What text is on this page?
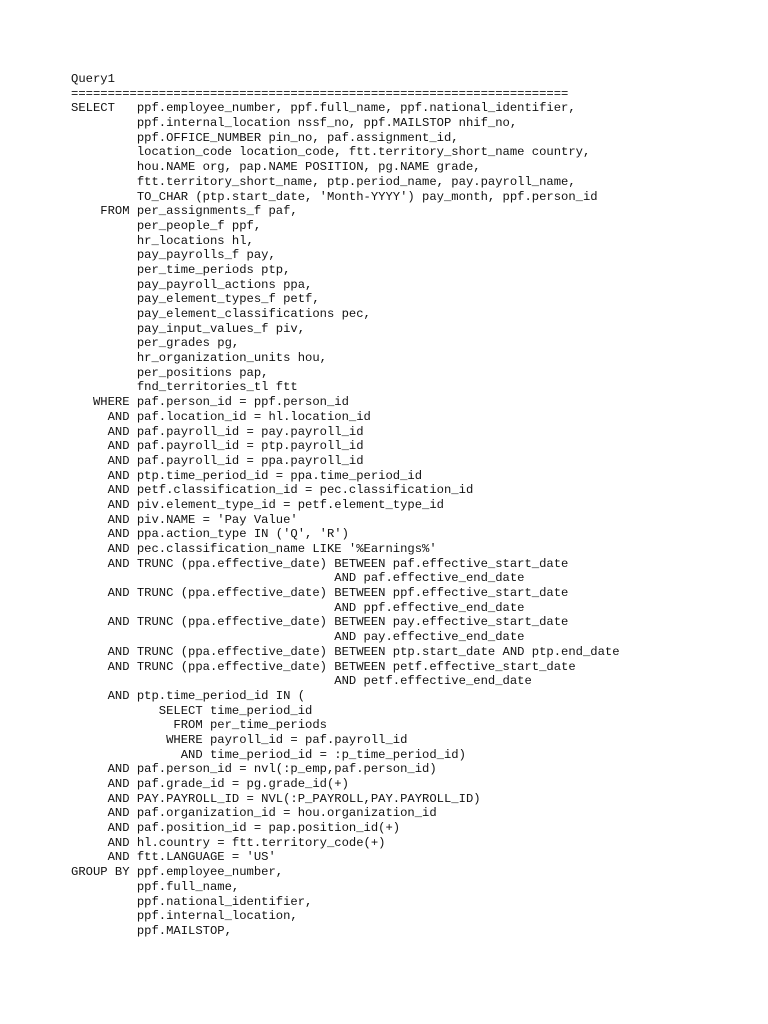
Query1

====================================================================

SELECT   ppf.employee_number, ppf.full_name, ppf.national_identifier,

ppf.internal_location nssf_no, ppf.MAILSTOP nhif_no,

ppf.OFFICE_NUMBER pin_no, paf.assignment_id,

location_code location_code, ftt.territory_short_name country,

hou.NAME org, pap.NAME POSITION, pg.NAME grade,

ftt.territory_short_name, ptp.period_name, pay.payroll_name,

TO_CHAR (ptp.start_date, 'Month-YYYY') pay_month, ppf.person_id

FROM per_assignments_f paf,

per_people_f ppf,

hr_locations hl,

pay_payrolls_f pay,

per_time_periods ptp,

pay_payroll_actions ppa,

pay_element_types_f petf,

pay_element_classifications pec,

pay_input_values_f piv,

per_grades pg,

hr_organization_units hou,

per_positions pap,

fnd_territories_tl ftt

WHERE paf.person_id = ppf.person_id

AND paf.location_id = hl.location_id

AND paf.payroll_id = pay.payroll_id

AND paf.payroll_id = ptp.payroll_id

AND paf.payroll_id = ppa.payroll_id

AND ptp.time_period_id = ppa.time_period_id

AND petf.classification_id = pec.classification_id

AND piv.element_type_id = petf.element_type_id

AND piv.NAME = 'Pay Value'

AND ppa.action_type IN ('Q', 'R')

AND pec.classification_name LIKE '%Earnings%'

AND TRUNC (ppa.effective_date) BETWEEN paf.effective_start_date

AND paf.effective_end_date

AND TRUNC (ppa.effective_date) BETWEEN ppf.effective_start_date

AND ppf.effective_end_date

AND TRUNC (ppa.effective_date) BETWEEN pay.effective_start_date

AND pay.effective_end_date

AND TRUNC (ppa.effective_date) BETWEEN ptp.start_date AND ptp.end_date

AND TRUNC (ppa.effective_date) BETWEEN petf.effective_start_date

AND petf.effective_end_date

AND ptp.time_period_id IN (

SELECT time_period_id

FROM per_time_periods

WHERE payroll_id = paf.payroll_id

AND time_period_id = :p_time_period_id)

AND paf.person_id = nvl(:p_emp,paf.person_id)

AND paf.grade_id = pg.grade_id(+)

AND PAY.PAYROLL_ID = NVL(:P_PAYROLL,PAY.PAYROLL_ID)

AND paf.organization_id = hou.organization_id

AND paf.position_id = pap.position_id(+)

AND hl.country = ftt.territory_code(+)

AND ftt.LANGUAGE = 'US'

GROUP BY ppf.employee_number,

ppf.full_name,

ppf.national_identifier,

ppf.internal_location,

ppf.MAILSTOP,
